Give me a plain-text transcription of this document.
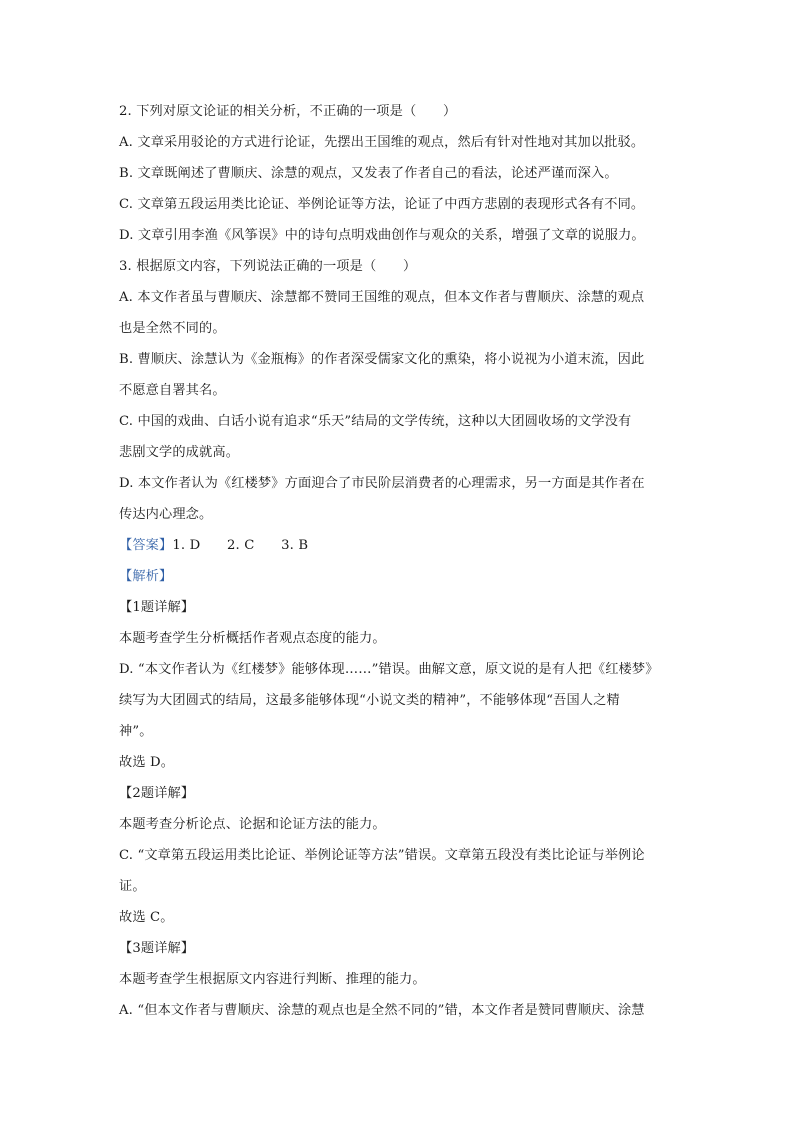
2. 下列对原文论证的相关分析，不正确的一项是（　　）
A. 文章采用驳论的方式进行论证，先摆出王国维的观点，然后有针对性地对其加以批驳。
B. 文章既阐述了曹顺庆、涂慧的观点，又发表了作者自己的看法，论述严谨而深入。
C. 文章第五段运用类比论证、举例论证等方法，论证了中西方悲剧的表现形式各有不同。
D. 文章引用李渔《风筝误》中的诗句点明戏曲创作与观众的关系，增强了文章的说服力。
3. 根据原文内容，下列说法正确的一项是（　　）
A. 本文作者虽与曹顺庆、涂慧都不赞同王国维的观点，但本文作者与曹顺庆、涂慧的观点
也是全然不同的。
B. 曹顺庆、涂慧认为《金瓶梅》的作者深受儒家文化的熏染，将小说视为小道末流，因此
不愿意自署其名。
C. 中国的戏曲、白话小说有追求“乐天”结局的文学传统，这种以大团圆收场的文学没有
悲剧文学的成就高。
D. 本文作者认为《红楼梦》方面迎合了市民阶层消费者的心理需求，另一方面是其作者在
传达内心理念。
【答案】1. D　　2. C　　3. B
【解析】
【1题详解】
本题考查学生分析概括作者观点态度的能力。
D. “本文作者认为《红楼梦》能够体现……”错误。曲解文意，原文说的是有人把《红楼梦》
续写为大团圆式的结局，这最多能够体现“小说文类的精神”，不能够体现“吾国人之精
神”。
故选 D。
【2题详解】
本题考查分析论点、论据和论证方法的能力。
C. “文章第五段运用类比论证、举例论证等方法”错误。文章第五段没有类比论证与举例论
证。
故选 C。
【3题详解】
本题考查学生根据原文内容进行判断、推理的能力。
A. “但本文作者与曹顺庆、涂慧的观点也是全然不同的”错，本文作者是赞同曹顺庆、涂慧
